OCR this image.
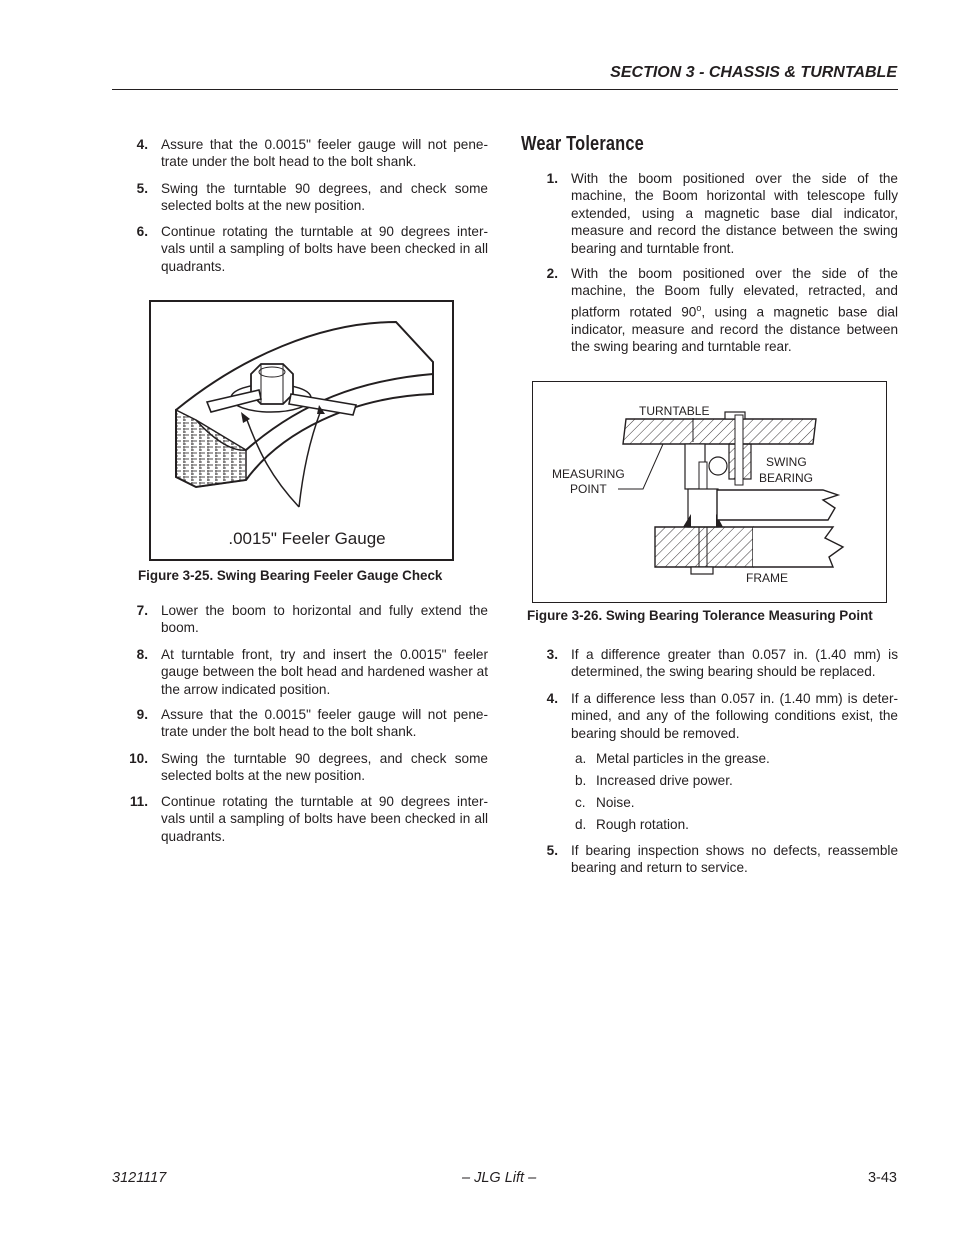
SECTION 3 - CHASSIS & TURNTABLE
4. Assure that the 0.0015" feeler gauge will not pene-trate under the bolt head to the bolt shank.
5. Swing the turntable 90 degrees, and check some selected bolts at the new position.
6. Continue rotating the turntable at 90 degrees inter-vals until a sampling of bolts have been checked in all quadrants.
.0015" Feeler Gauge
Figure 3-25. Swing Bearing Feeler Gauge Check
7. Lower the boom to horizontal and fully extend the boom.
8. At turntable front, try and insert the 0.0015" feeler gauge between the bolt head and hardened washer at the arrow indicated position.
9. Assure that the 0.0015" feeler gauge will not pene-trate under the bolt head to the bolt shank.
10. Swing the turntable 90 degrees, and check some selected bolts at the new position.
11. Continue rotating the turntable at 90 degrees inter-vals until a sampling of bolts have been checked in all quadrants.
Wear Tolerance
1. With the boom positioned over the side of the machine, the Boom horizontal with telescope fully extended, using a magnetic base dial indicator, measure and record the distance between the swing bearing and turntable front.
2. With the boom positioned over the side of the machine, the Boom fully elevated, retracted, and platform rotated 90$^o$, using a magnetic base dial indicator, measure and record the distance between the swing bearing and turntable rear.
TURNTABLE
SWING
BEARING
MEASURING
POINT
FRAME
Figure 3-26. Swing Bearing Tolerance Measuring Point
3. If a difference greater than 0.057 in. (1.40 mm) is determined, the swing bearing should be replaced.
4. If a difference less than 0.057 in. (1.40 mm) is deter-mined, and any of the following conditions exist, the bearing should be removed.
a. Metal particles in the grease.
b. Increased drive power.
c. Noise.
d. Rough rotation.
5. If bearing inspection shows no defects, reassemble bearing and return to service.
3121117	– JLG Lift –	3-43
